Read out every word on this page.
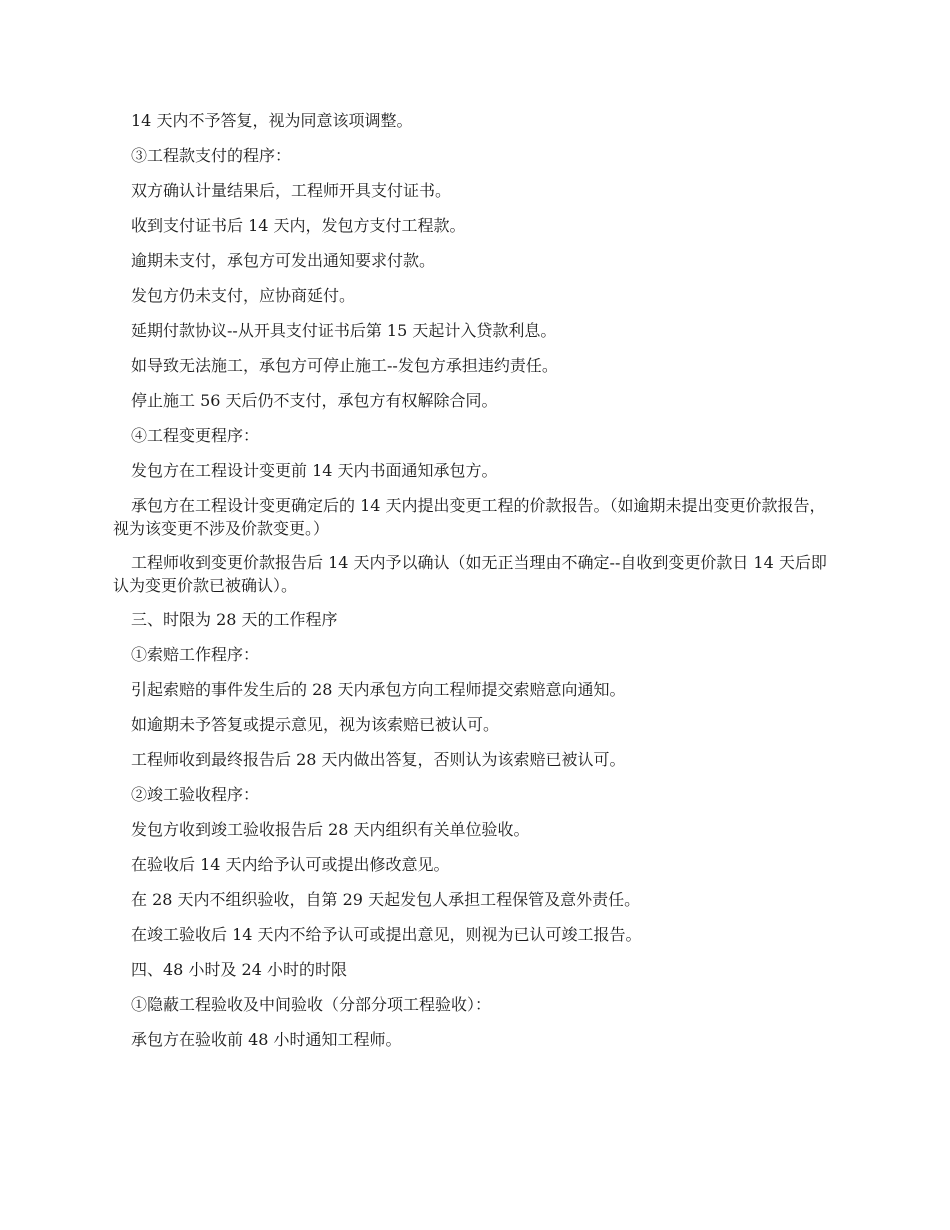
14 天内不予答复，视为同意该项调整。

③工程款支付的程序：

双方确认计量结果后，工程师开具支付证书。

收到支付证书后 14 天内，发包方支付工程款。

逾期未支付，承包方可发出通知要求付款。

发包方仍未支付，应协商延付。

延期付款协议--从开具支付证书后第 15 天起计入贷款利息。

如导致无法施工，承包方可停止施工--发包方承担违约责任。

停止施工 56 天后仍不支付，承包方有权解除合同。

④工程变更程序：

发包方在工程设计变更前 14 天内书面通知承包方。

承包方在工程设计变更确定后的 14 天内提出变更工程的价款报告。（如逾期未提出变更价款报告，视为该变更不涉及价款变更。）

工程师收到变更价款报告后 14 天内予以确认（如无正当理由不确定--自收到变更价款日 14 天后即认为变更价款已被确认）。

三、时限为 28 天的工作程序

①索赔工作程序：

引起索赔的事件发生后的 28 天内承包方向工程师提交索赔意向通知。

如逾期未予答复或提示意见，视为该索赔已被认可。

工程师收到最终报告后 28 天内做出答复，否则认为该索赔已被认可。

②竣工验收程序：

发包方收到竣工验收报告后 28 天内组织有关单位验收。

在验收后 14 天内给予认可或提出修改意见。

在 28 天内不组织验收，自第 29 天起发包人承担工程保管及意外责任。

在竣工验收后 14 天内不给予认可或提出意见，则视为已认可竣工报告。

四、48 小时及 24 小时的时限

①隐蔽工程验收及中间验收（分部分项工程验收）：

承包方在验收前 48 小时通知工程师。
